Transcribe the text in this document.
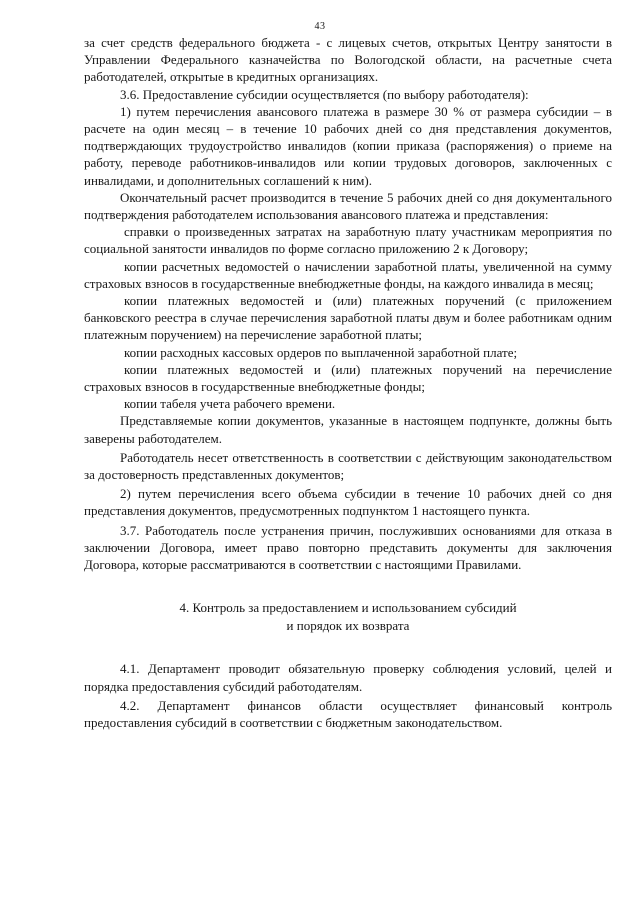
43

за счет средств федерального бюджета - с лицевых счетов, открытых Центру занятости в Управлении Федерального казначейства по Вологодской области, на расчетные счета работодателей, открытые в кредитных организациях.

3.6. Предоставление субсидии осуществляется (по выбору работодателя):

1) путем перечисления авансового платежа в размере 30 % от размера субсидии – в расчете на один месяц – в течение 10 рабочих дней со дня представления документов, подтверждающих трудоустройство инвалидов (копии приказа (распоряжения) о приеме на работу, переводе работников-инвалидов или копии трудовых договоров, заключенных с инвалидами, и дополнительных соглашений к ним).

Окончательный расчет производится в течение 5 рабочих дней со дня документального подтверждения работодателем использования авансового платежа и представления:

справки о произведенных затратах на заработную плату участникам мероприятия по социальной занятости инвалидов по форме согласно приложению 2 к Договору;

копии расчетных ведомостей о начислении заработной платы, увеличенной на сумму страховых взносов в государственные внебюджетные фонды, на каждого инвалида в месяц;

копии платежных ведомостей и (или) платежных поручений (с приложением банковского реестра в случае перечисления заработной платы двум и более работникам одним платежным поручением) на перечисление заработной платы;

копии расходных кассовых ордеров по выплаченной заработной плате;

копии платежных ведомостей и (или) платежных поручений на перечисление страховых взносов в государственные внебюджетные фонды;

копии табеля учета рабочего времени.

Представляемые копии документов, указанные в настоящем подпункте, должны быть заверены работодателем.

Работодатель несет ответственность в соответствии с действующим законодательством за достоверность представленных документов;

2) путем перечисления всего объема субсидии в течение 10 рабочих дней со дня представления документов, предусмотренных подпунктом 1 настоящего пункта.

3.7. Работодатель после устранения причин, послуживших основаниями для отказа в заключении Договора, имеет право повторно представить документы для заключения Договора, которые рассматриваются в соответствии с настоящими Правилами.

4. Контроль за предоставлением и использованием субсидий
и порядок их возврата

4.1. Департамент проводит обязательную проверку соблюдения условий, целей и порядка предоставления субсидий работодателям.

4.2. Департамент финансов области осуществляет финансовый контроль предоставления субсидий в соответствии с бюджетным законодательством.
